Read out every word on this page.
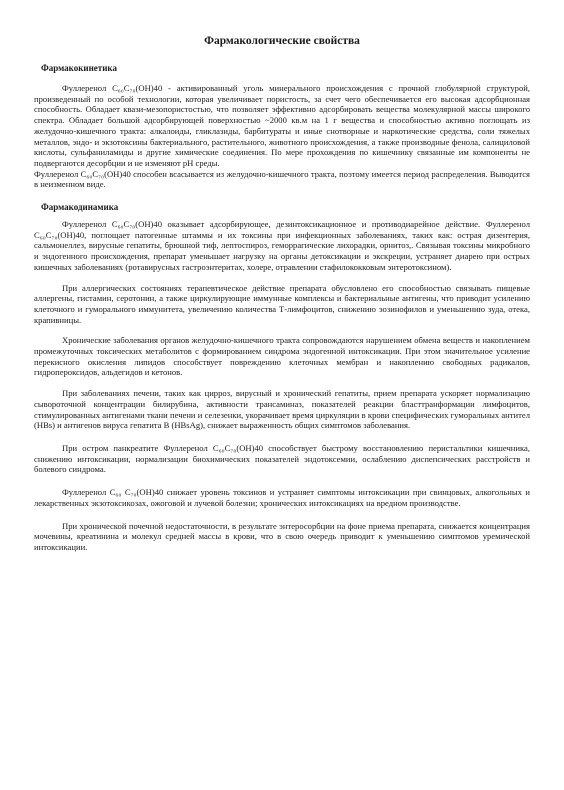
Фармакологические свойства
Фармакокинетика

Фуллеренол C₆₀C₇₀(OH)40 - активированный уголь минерального происхождения с прочной глобулярной структурой, произведенный по особой технологии, которая увеличивает пористость, за счет чего обеспечивается его высокая адсорбционная способность. Обладает квази-мезопористостью, что позволяет эффективно адсорбировать вещества молекулярной массы широкого спектра. Обладает большой адсорбирующей поверхностью ~2000 кв.м на 1 г вещества и способностью активно поглощать из желудочно-кишечного тракта: алкалоиды, гликлазиды, барбитураты и иные снотворные и наркотические средства, соли тяжелых металлов, эндо- и экзотоксины бактериального, растительного, животного происхождения, а также производные фенола, салициловой кислоты, сульфаниламиды и другие химические соединения. По мере прохождения по кишечнику связанные им компоненты не подвергаются десорбции и не изменяют pH среды.

Фуллеренол C₆₀C₇₀(OH)40 способен всасывается из желудочно-кишечного тракта, поэтому имеется период распределения. Выводится в неизменном виде.

Фармакодинамика

Фуллеренол C₆₀C₇₀(OH)40 оказывает адсорбирующее, дезинтоксикационное и противодиарейное действие. Фуллеренол C₆₀C₇₀(OH)40, поглощает патогенные штаммы и их токсины при инфекционных заболеваниях, таких как: острая дизентерия, сальмонеллез, вирусные гепатиты, брюшной тиф, лептоспироз, геморрагические лихорадки, орнитоз,. Связывая токсины микробного и эндогенного происхождения, препарат уменьшает нагрузку на органы детоксикации и экскреции, устраняет диарею при острых кишечных заболеваниях (ротавирусных гастроэнтеритах, холере, отравлении стафилококковым энтеротоксином).

При аллергических состояниях терапевтическое действие препарата обусловлено его способностью связывать пищевые аллергены, гистамин, серотонин, а также циркулирующие иммунные комплексы и бактериальные антигены, что приводит усилению клеточного и гуморального иммунитета, увеличению количества Т-лимфоцитов, снижению эозинофилов и уменьшению зуда, отека, крапивницы.

Хронические заболевания органов желудочно-кишечного тракта сопровождаются нарушением обмена веществ и накоплением промежуточных токсических метаболитов с формированием синдрома эндогенной интоксикации. При этом значительное усиление перекисного окисления липидов способствует повреждению клеточных мембран и накоплению свободных радикалов, гидропероксидов, альдегидов и кетонов.

При заболеваниях печени, таких как цирроз, вирусный и хронический гепатиты, прием препарата ускоряет нормализацию сывороточной концентрации билирубина, активности трансаминаз, показателей реакции бласттранформации лимфоцитов, стимулированных антигенами ткани печени и селезенки, укорачивает время циркуляции в крови специфических гуморальных антител (HBs) и антигенов вируса гепатита В (HBsAg), снижает выраженность общих симптомов заболевания.

При остром панкреатите Фуллеренол C₆₀C₇₀(OH)40 способствует быстрому восстановлению перистальтики кишечника, снижению интоксикации, нормализации биохимических показателей эндотоксемии, ослаблению диспепсических расстройств и болевого синдрома.

Фуллеренол C₆₀ C₇₀(OH)40 снижает уровень токсинов и устраняет симптомы интоксикации при свинцовых, алкогольных и лекарственных экзотоксикозах, ожоговой и лучевой болезни; хронических интоксикациях на вредном производстве.

При хронической почечной недостаточности, в результате энтеросорбции на фоне приема препарата, снижается концентрация мочевины, креатинина и молекул средней массы в крови, что в свою очередь приводит к уменьшению симптомов уремической интоксикации.
